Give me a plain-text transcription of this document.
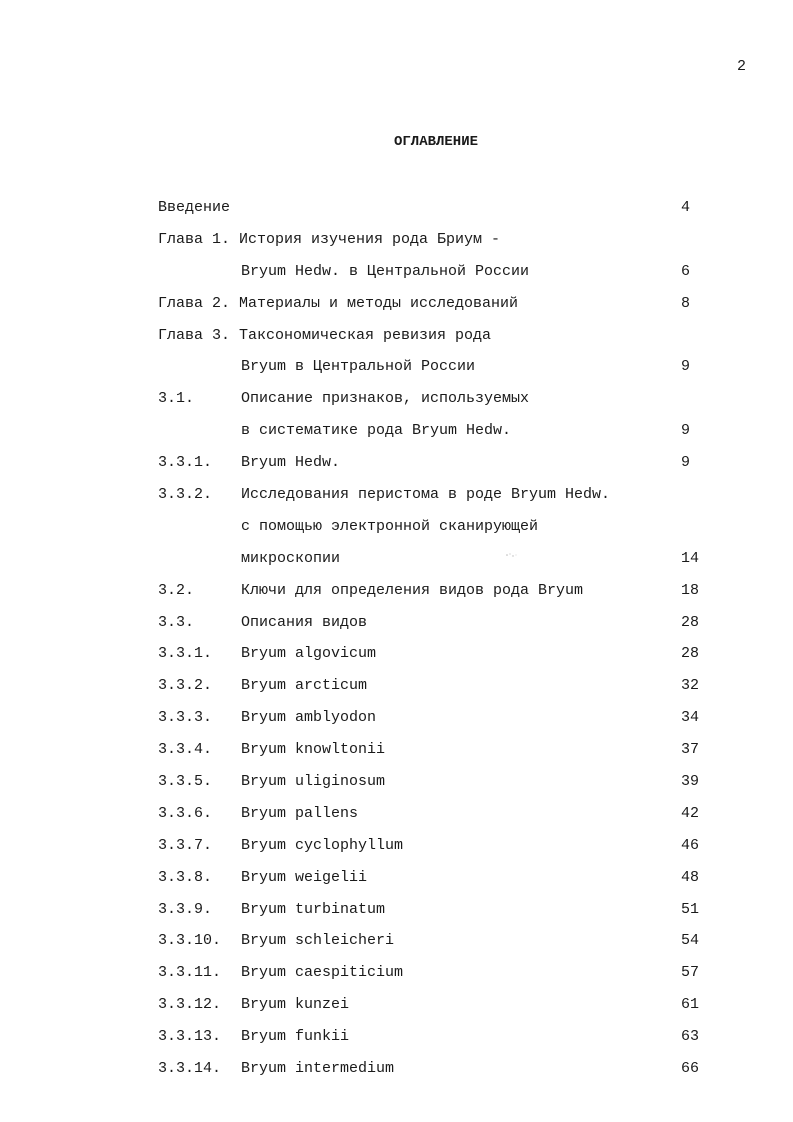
2
ОГЛАВЛЕНИЕ
Введение	4
Глава 1. История изучения рода Бриум -
Bryum Hedw. в Центральной России	6
Глава 2. Материалы и методы исследований	8
Глава 3. Таксономическая ревизия рода
Bryum в Центральной России	9
3.1.	Описание признаков, используемых
в систематике рода Bryum Hedw.	9
3.3.1. Bryum Hedw.	9
3.3.2. Исследования перистома в роде Bryum Hedw.
с помощью электронной сканирующей
микроскопии	14
3.2.	Ключи для определения видов рода Bryum	18
3.3.	Описания видов	28
3.3.1. Bryum algovicum	28
3.3.2. Bryum arcticum	32
3.3.3. Bryum amblyodon	34
3.3.4. Bryum knowltonii	37
3.3.5. Bryum uliginosum	39
3.3.6. Bryum pallens	42
3.3.7. Bryum cyclophyllum	46
3.3.8. Bryum weigelii	48
3.3.9. Bryum turbinatum	51
3.3.10. Bryum schleicheri	54
3.3.11. Bryum caespiticium	57
3.3.12. Bryum kunzei	61
3.3.13. Bryum funkii	63
3.3.14. Bryum intermedium	66
